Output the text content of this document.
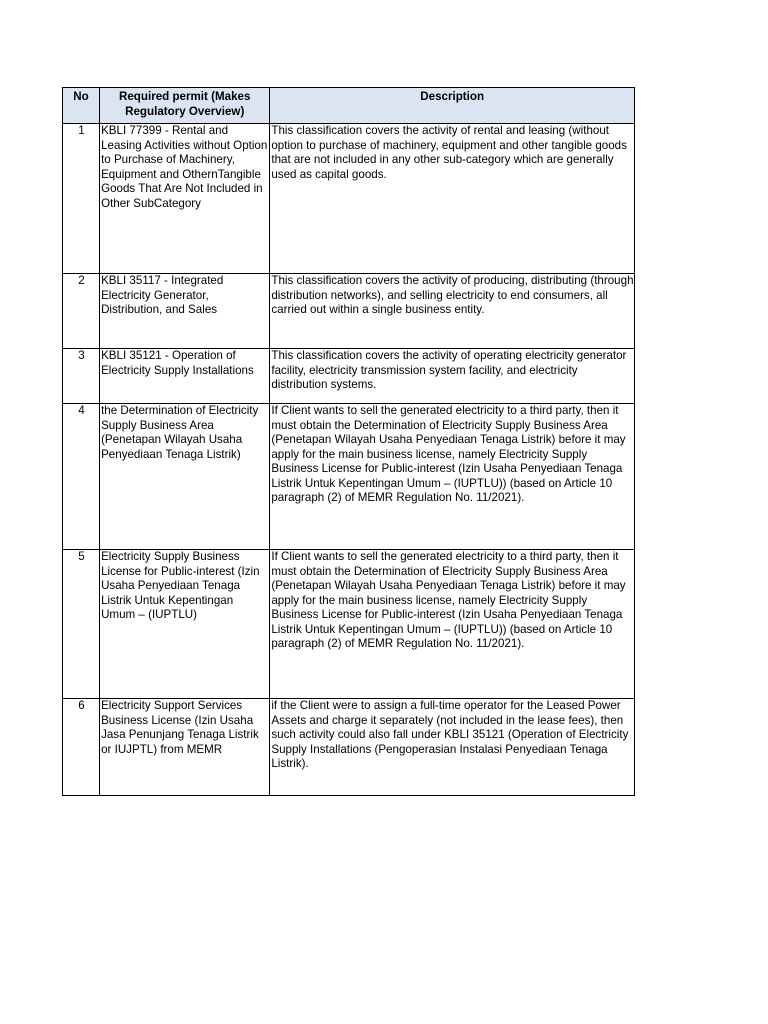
No	Required permit (Makes Regulatory Overview)	Description
1	KBLI 77399 - Rental and Leasing Activities without Option to Purchase of Machinery, Equipment and OthernTangible Goods That Are Not Included in Other SubCategory	This classification covers the activity of rental and leasing (without option to purchase of machinery, equipment and other tangible goods that are not included in any other sub-category which are generally used as capital goods.
2	KBLI 35117 - Integrated Electricity Generator, Distribution, and Sales	This classification covers the activity of producing, distributing (through distribution networks), and selling electricity to end consumers, all carried out within a single business entity.
3	KBLI 35121 - Operation of Electricity Supply Installations	This classification covers the activity of operating electricity generator facility, electricity transmission system facility, and electricity distribution systems.
4	the Determination of Electricity Supply Business Area (Penetapan Wilayah Usaha Penyediaan Tenaga Listrik)	If Client wants to sell the generated electricity to a third party, then it must obtain the Determination of Electricity Supply Business Area (Penetapan Wilayah Usaha Penyediaan Tenaga Listrik) before it may apply for the main business license, namely Electricity Supply Business License for Public-interest (Izin Usaha Penyediaan Tenaga Listrik Untuk Kepentingan Umum – (IUPTLU)) (based on Article 10 paragraph (2) of MEMR Regulation No. 11/2021).
5	Electricity Supply Business License for Public-interest (Izin Usaha Penyediaan Tenaga Listrik Untuk Kepentingan Umum – (IUPTLU)	If Client wants to sell the generated electricity to a third party, then it must obtain the Determination of Electricity Supply Business Area (Penetapan Wilayah Usaha Penyediaan Tenaga Listrik) before it may apply for the main business license, namely Electricity Supply Business License for Public-interest (Izin Usaha Penyediaan Tenaga Listrik Untuk Kepentingan Umum – (IUPTLU)) (based on Article 10 paragraph (2) of MEMR Regulation No. 11/2021).
6	Electricity Support Services Business License (Izin Usaha Jasa Penunjang Tenaga Listrik or IUJPTL) from MEMR	if the Client were to assign a full-time operator for the Leased Power Assets and charge it separately (not included in the lease fees), then such activity could also fall under KBLI 35121 (Operation of Electricity Supply Installations (Pengoperasian Instalasi Penyediaan Tenaga Listrik).
